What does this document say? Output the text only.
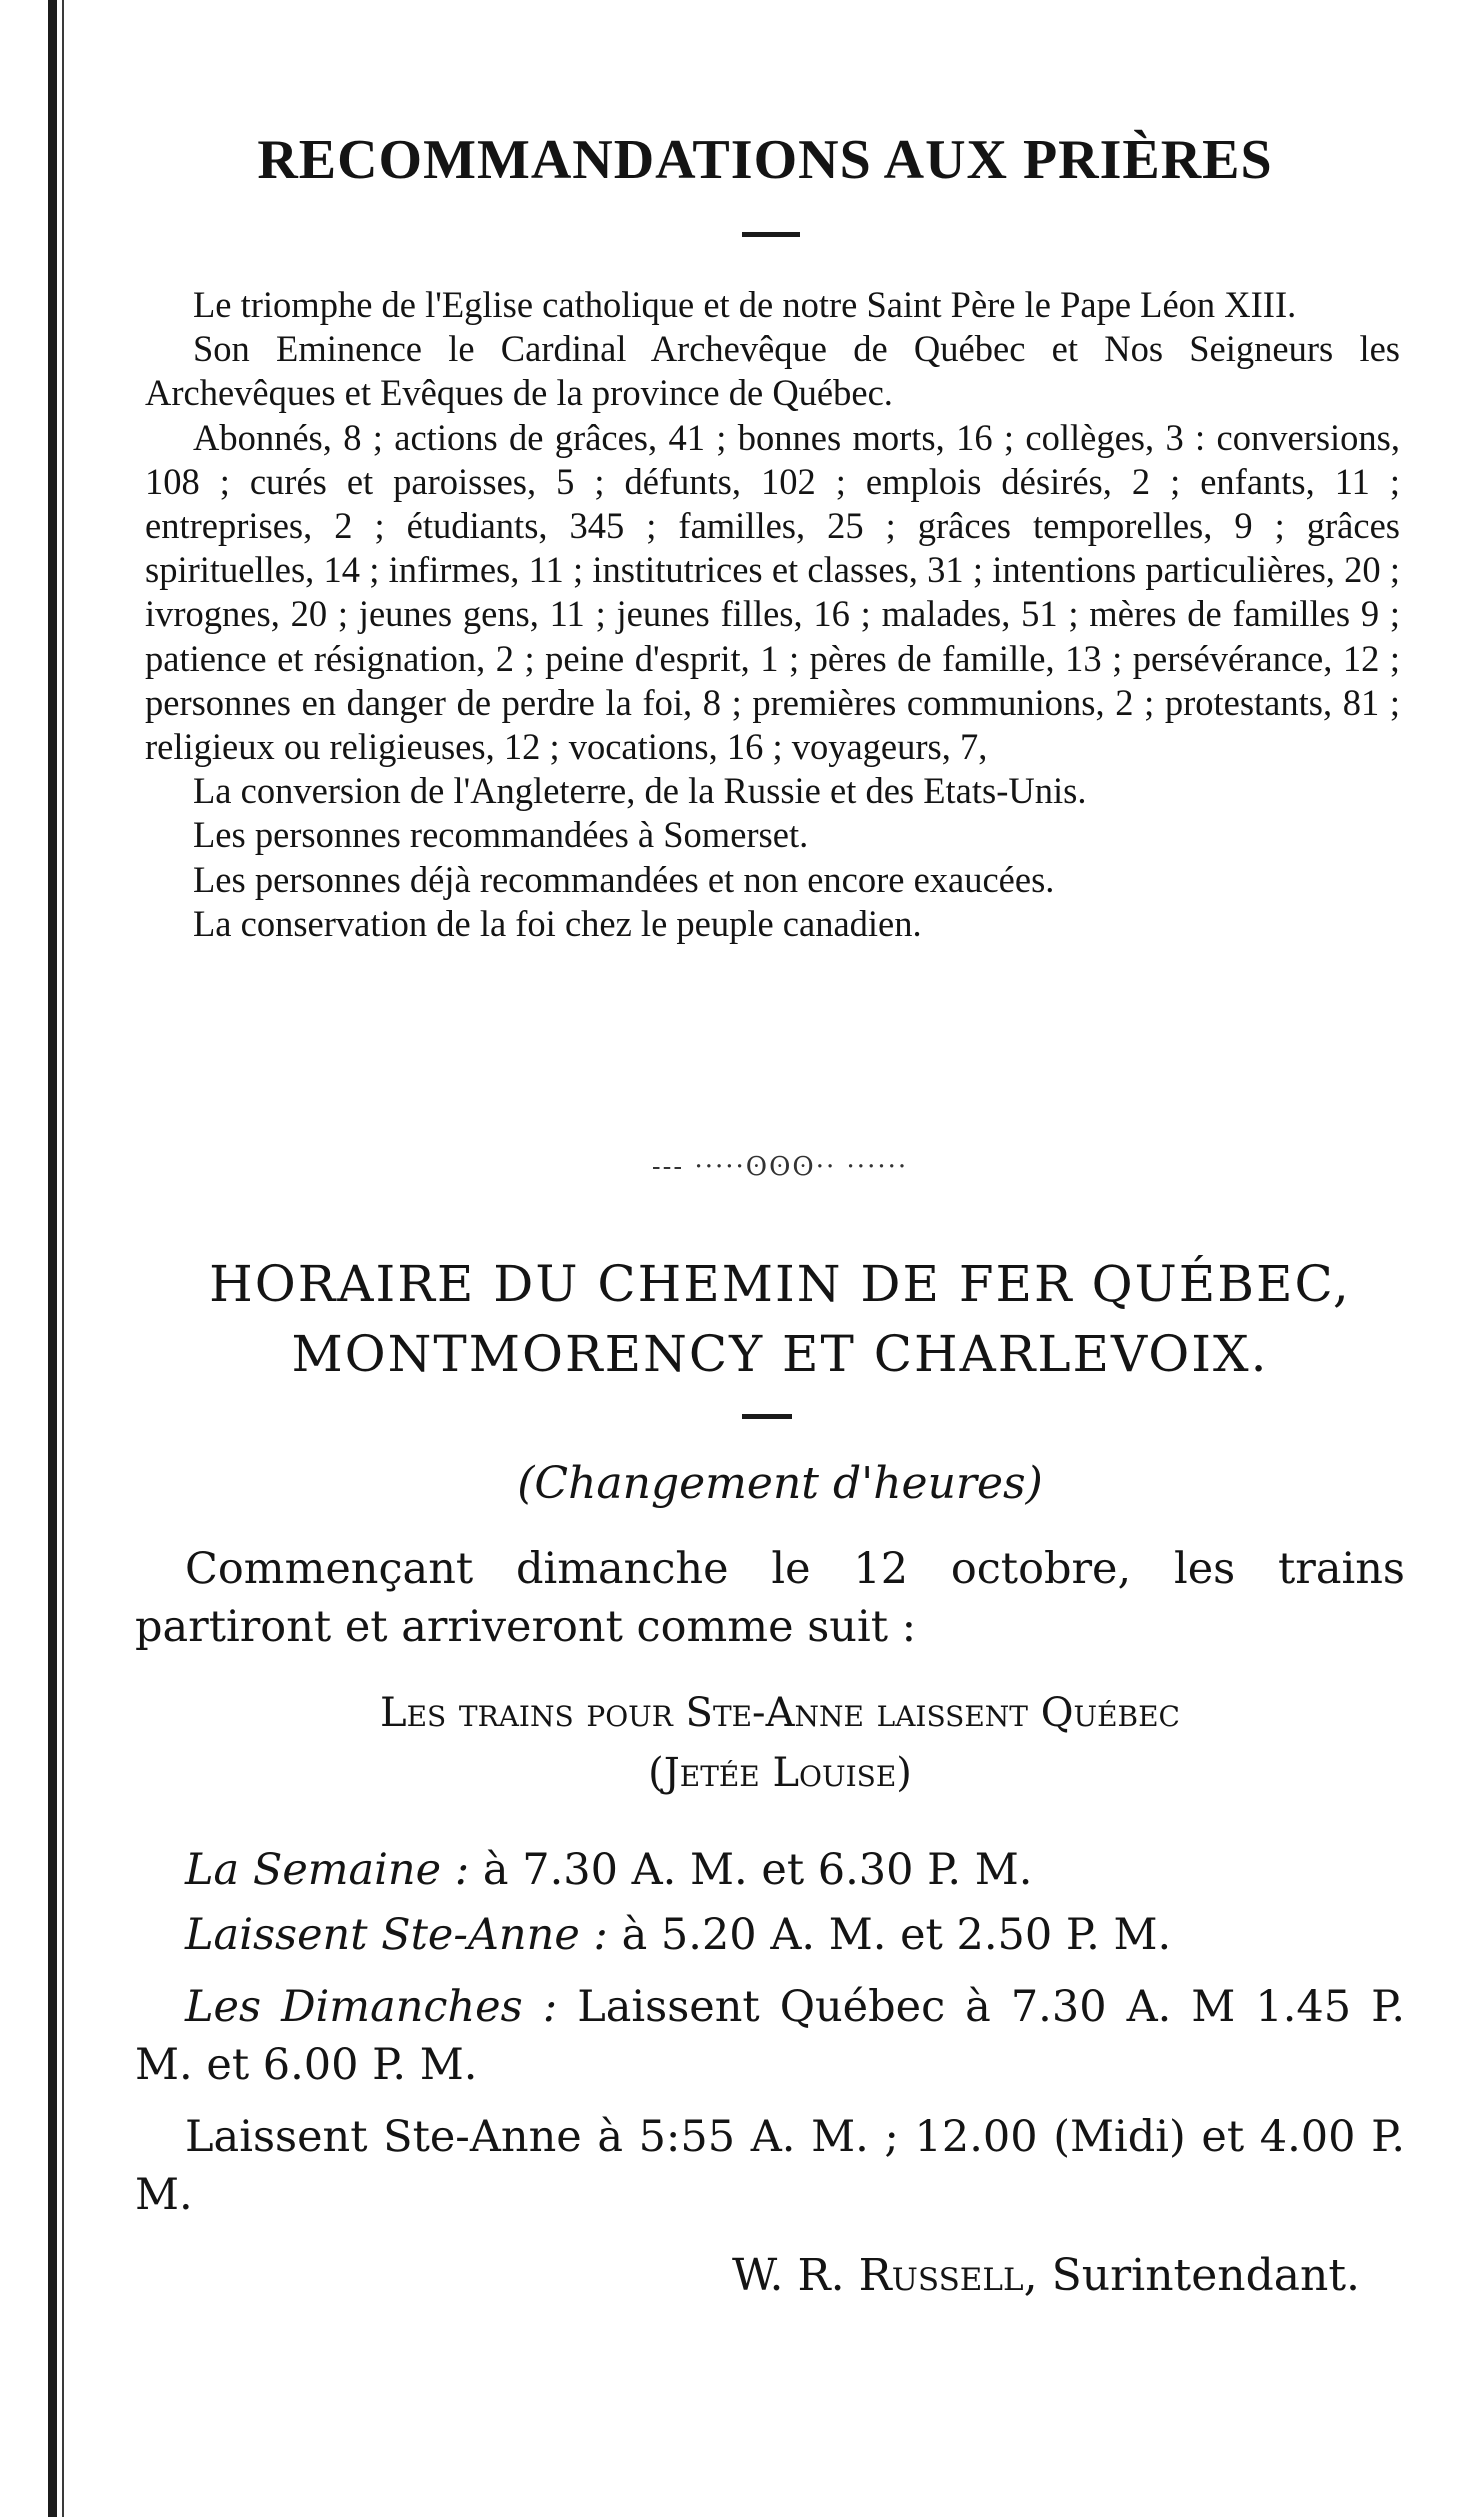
RECOMMANDATIONS AUX PRIÈRES

Le triomphe de l'Eglise catholique et de notre Saint Père le Pape Léon XIII.

Son Eminence le Cardinal Archevêque de Québec et Nos Seigneurs les Archevêques et Evêques de la province de Québec.

Abonnés, 8 ; actions de grâces, 41 ; bonnes morts, 16 ; collèges, 3 : conversions, 108 ; curés et paroisses, 5 ; défunts, 102 ; emplois désirés, 2 ; enfants, 11 ; entreprises, 2 ; étudiants, 345 ; familles, 25 ; grâces temporelles, 9 ; grâces spirituelles, 14 ; infirmes, 11 ; institutrices et classes, 31 ; intentions particulières, 20 ; ivrognes, 20 ; jeunes gens, 11 ; jeunes filles, 16 ; malades, 51 ; mères de familles 9 ; patience et résignation, 2 ; peine d'esprit, 1 ; pères de famille, 13 ; persévérance, 12 ; personnes en danger de perdre la foi, 8 ; premières communions, 2 ; protestants, 81 ; religieux ou religieuses, 12 ; vocations, 16 ; voyageurs, 7,

La conversion de l'Angleterre, de la Russie et des Etats-Unis.

Les personnes recommandées à Somerset.

Les personnes déjà recommandées et non encore exaucées.

La conservation de la foi chez le peuple canadien.

--- ·····ʘʘʘ·· ······
HORAIRE DU CHEMIN DE FER QUÉBEC,
MONTMORENCY ET CHARLEVOIX.
(Changement d'heures)

Commençant dimanche le 12 octobre, les trains partiront et arriveront comme suit :

Les trains pour Ste-Anne laissent Québec
(Jetée Louise)
La Semaine : à 7.30 A. M. et 6.30 P. M.
Laissent Ste-Anne : à 5.20 A. M. et 2.50 P. M.

Les Dimanches : Laissent Québec à 7.30 A. M 1.45 P. M. et 6.00 P. M.

Laissent Ste-Anne à 5:55 A. M. ; 12.00 (Midi) et 4.00 P. M.

W. R. Russell, Surintendant.
